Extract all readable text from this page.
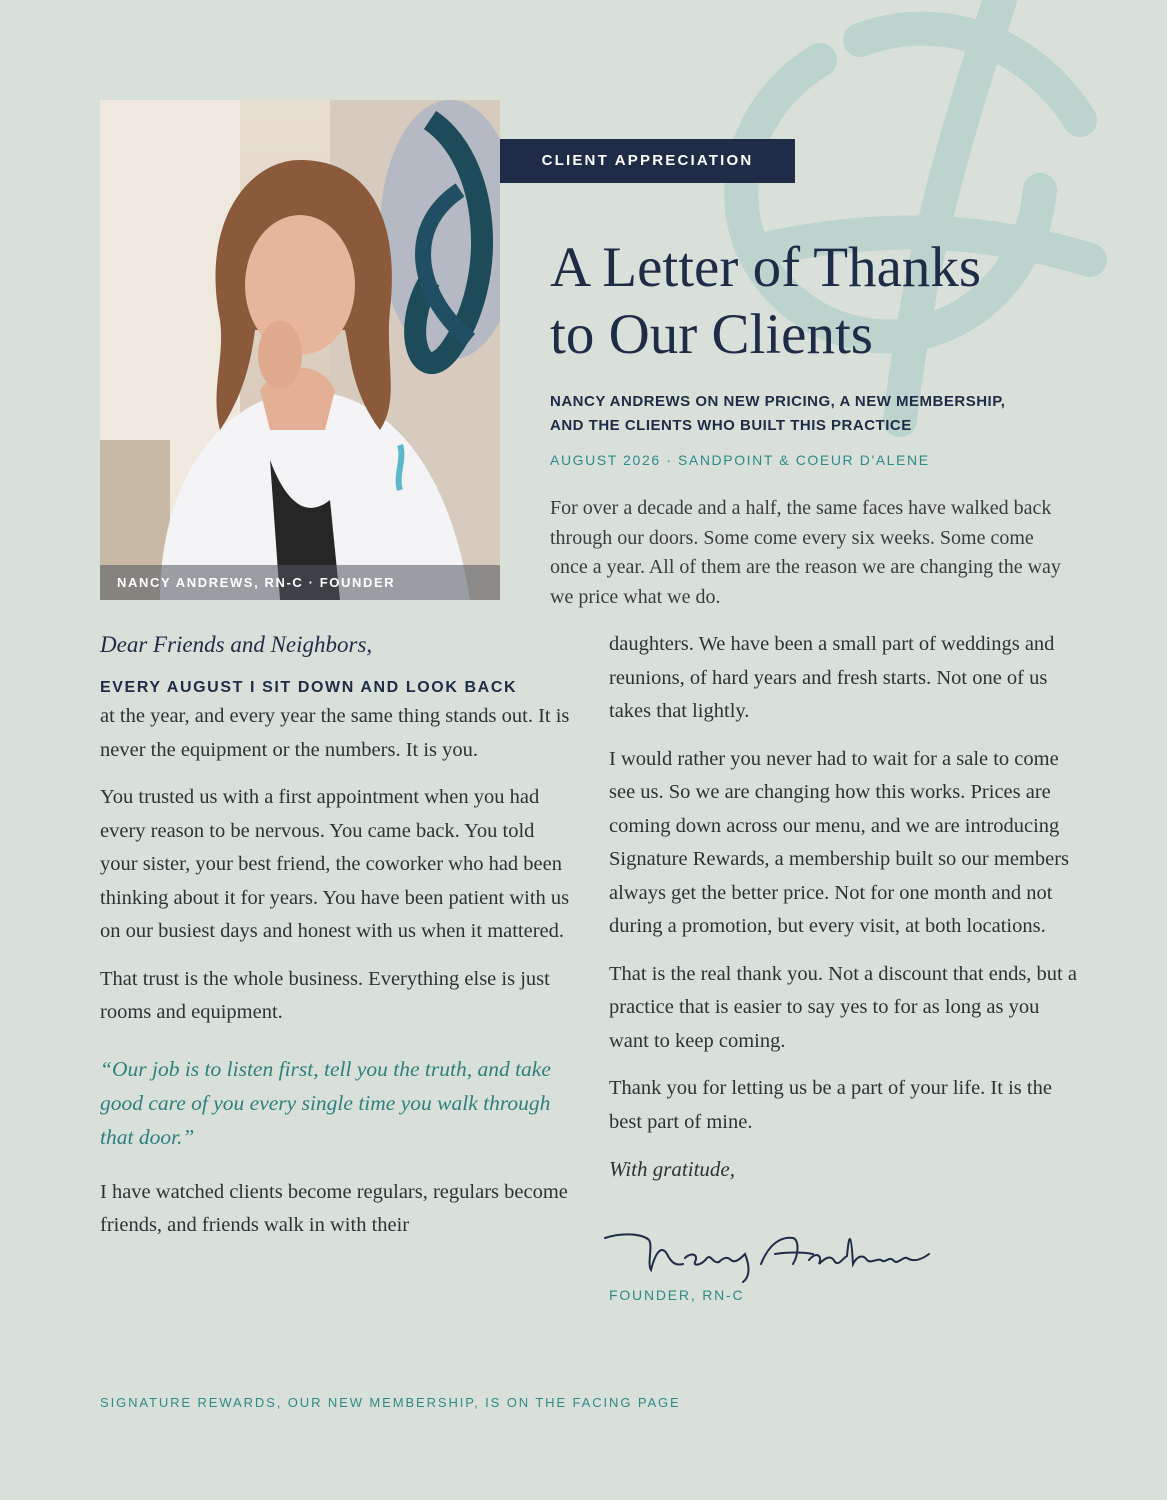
NANCY ANDREWS, RN-C · FOUNDER
CLIENT APPRECIATION
A Letter of Thanks
to Our Clients
NANCY ANDREWS ON NEW PRICING, A NEW MEMBERSHIP,
AND THE CLIENTS WHO BUILT THIS PRACTICE
AUGUST 2026 · SANDPOINT & COEUR D'ALENE
For over a decade and a half, the same faces have walked back through our doors. Some come every six weeks. Some come once a year. All of them are the reason we are changing the way we price what we do.

Dear Friends and Neighbors,

EVERY AUGUST I SIT DOWN AND LOOK BACK
at the year, and every year the same thing stands out. It is never the equipment or the numbers. It is you.

You trusted us with a first appointment when you had every reason to be nervous. You came back. You told your sister, your best friend, the coworker who had been thinking about it for years. You have been patient with us on our busiest days and honest with us when it mattered.

That trust is the whole business. Everything else is just rooms and equipment.

“Our job is to listen first, tell you the truth, and take good care of you every single time you walk through that door.”

I have watched clients become regulars, regulars become friends, and friends walk in with their

daughters. We have been a small part of weddings and reunions, of hard years and fresh starts. Not one of us takes that lightly.

I would rather you never had to wait for a sale to come see us. So we are changing how this works. Prices are coming down across our menu, and we are introducing Signature Rewards, a membership built so our members always get the better price. Not for one month and not during a promotion, but every visit, at both locations.

That is the real thank you. Not a discount that ends, but a practice that is easier to say yes to for as long as you want to keep coming.

Thank you for letting us be a part of your life. It is the best part of mine.

With gratitude,

FOUNDER, RN-C
SIGNATURE REWARDS, OUR NEW MEMBERSHIP, IS ON THE FACING PAGE
